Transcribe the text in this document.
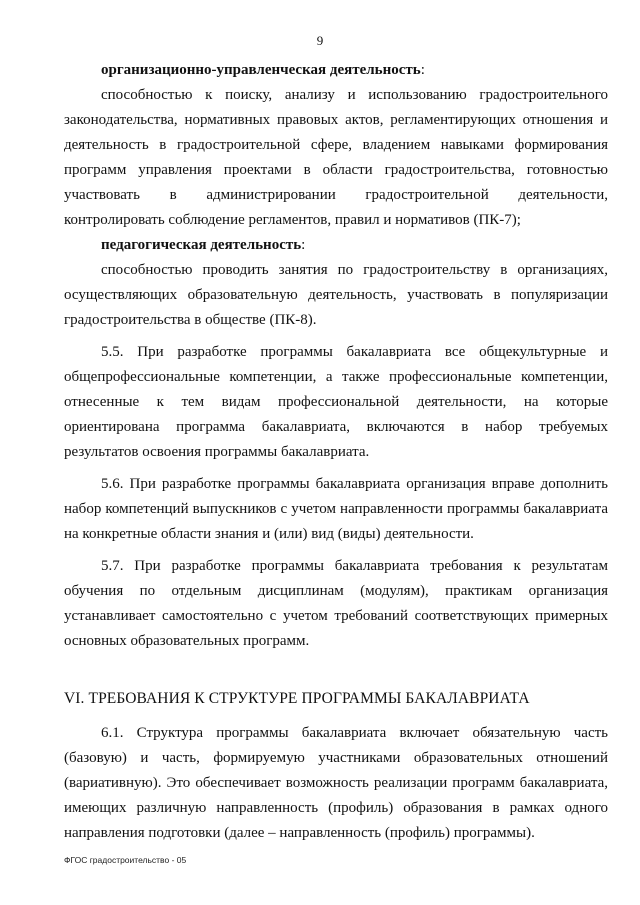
9

организационно-управленческая деятельность:

способностью к поиску, анализу и использованию градостроительного законодательства, нормативных правовых актов, регламентирующих отношения и деятельность в градостроительной сфере, владением навыками формирования программ управления проектами в области градостроительства, готовностью участвовать в администрировании градостроительной деятельности, контролировать соблюдение регламентов, правил и нормативов (ПК-7);

педагогическая деятельность:

способностью проводить занятия по градостроительству в организациях, осуществляющих образовательную деятельность, участвовать в популяризации градостроительства в обществе (ПК-8).

5.5. При разработке программы бакалавриата все общекультурные и общепрофессиональные компетенции, а также профессиональные компетенции, отнесенные к тем видам профессиональной деятельности, на которые ориентирована программа бакалавриата, включаются в набор требуемых результатов освоения программы бакалавриата.

5.6. При разработке программы бакалавриата организация вправе дополнить набор компетенций выпускников с учетом направленности программы бакалавриата на конкретные области знания и (или) вид (виды) деятельности.

5.7. При разработке программы бакалавриата требования к результатам обучения по отдельным дисциплинам (модулям), практикам организация устанавливает самостоятельно с учетом требований соответствующих примерных основных образовательных программ.

VI. ТРЕБОВАНИЯ К СТРУКТУРЕ ПРОГРАММЫ БАКАЛАВРИАТА

6.1. Структура программы бакалавриата включает обязательную часть (базовую) и часть, формируемую участниками образовательных отношений (вариативную). Это обеспечивает возможность реализации программ бакалавриата, имеющих различную направленность (профиль) образования в рамках одного направления подготовки (далее – направленность (профиль) программы).

ФГОС градостроительство - 05
